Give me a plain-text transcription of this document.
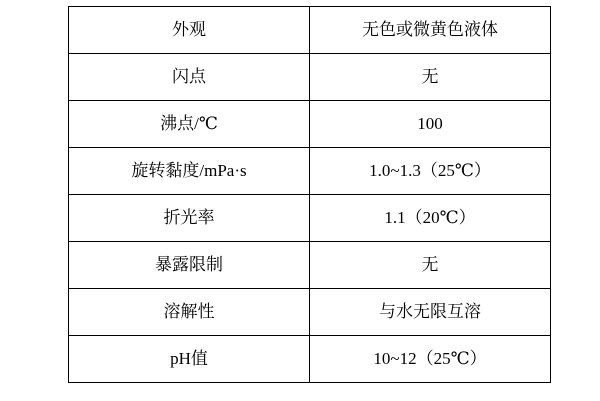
外观	无色或微黄色液体
闪点	无
沸点/℃	100
旋转黏度/mPa·s	1.0~1.3（25℃）
折光率	1.1（20℃）
暴露限制	无
溶解性	与水无限互溶
pH值	10~12（25℃）
